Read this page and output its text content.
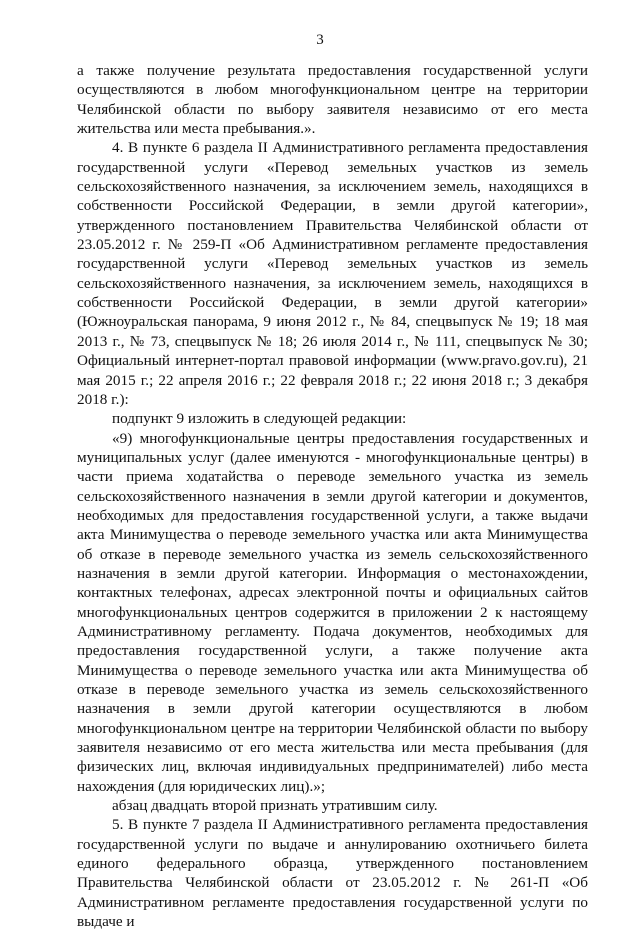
3

а также получение результата предоставления государственной услуги осуществляются в любом многофункциональном центре на территории Челябинской области по выбору заявителя независимо от его места жительства или места пребывания.».

4. В пункте 6 раздела II Административного регламента предоставления государственной услуги «Перевод земельных участков из земель сельскохозяйственного назначения, за исключением земель, находящихся в собственности Российской Федерации, в земли другой категории», утвержденного постановлением Правительства Челябинской области от 23.05.2012 г. № 259-П «Об Административном регламенте предоставления государственной услуги «Перевод земельных участков из земель сельскохозяйственного назначения, за исключением земель, находящихся в собственности Российской Федерации, в земли другой категории» (Южноуральская панорама, 9 июня 2012 г., № 84, спецвыпуск № 19; 18 мая 2013 г., № 73, спецвыпуск № 18; 26 июля 2014 г., № 111, спецвыпуск № 30; Официальный интернет-портал правовой информации (www.pravo.gov.ru), 21 мая 2015 г.; 22 апреля 2016 г.; 22 февраля 2018 г.; 22 июня 2018 г.; 3 декабря 2018 г.):

подпункт 9 изложить в следующей редакции:

«9) многофункциональные центры предоставления государственных и муниципальных услуг (далее именуются - многофункциональные центры) в части приема ходатайства о переводе земельного участка из земель сельскохозяйственного назначения в земли другой категории и документов, необходимых для предоставления государственной услуги, а также выдачи акта Минимущества о переводе земельного участка или акта Минимущества об отказе в переводе земельного участка из земель сельскохозяйственного назначения в земли другой категории. Информация о местонахождении, контактных телефонах, адресах электронной почты и официальных сайтов многофункциональных центров содержится в приложении 2 к настоящему Административному регламенту. Подача документов, необходимых для предоставления государственной услуги, а также получение акта Минимущества о переводе земельного участка или акта Минимущества об отказе в переводе земельного участка из земель сельскохозяйственного назначения в земли другой категории осуществляются в любом многофункциональном центре на территории Челябинской области по выбору заявителя независимо от его места жительства или места пребывания (для физических лиц, включая индивидуальных предпринимателей) либо места нахождения (для юридических лиц).»;

абзац двадцать второй признать утратившим силу.

5. В пункте 7 раздела II Административного регламента предоставления государственной услуги по выдаче и аннулированию охотничьего билета единого федерального образца, утвержденного постановлением Правительства Челябинской области от 23.05.2012 г. № 261-П «Об Административном регламенте предоставления государственной услуги по выдаче и
